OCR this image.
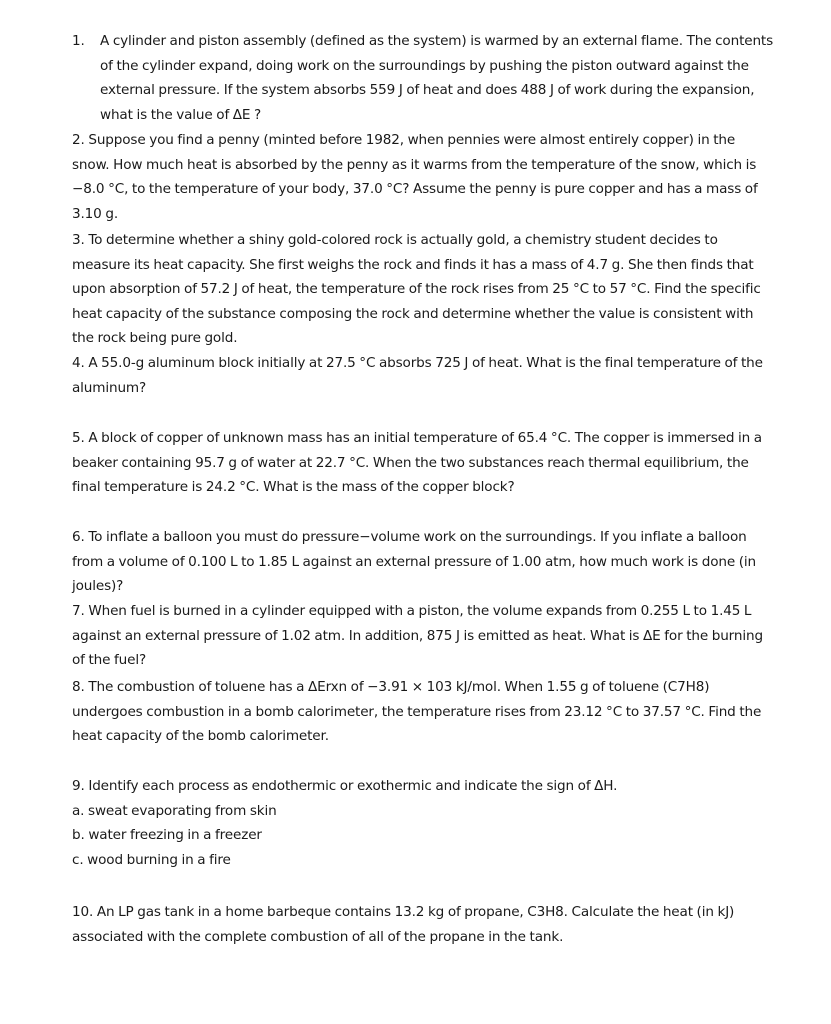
1.	A cylinder and piston assembly (defined as the system) is warmed by an external flame. The contents of the cylinder expand, doing work on the surroundings by pushing the piston outward against the external pressure. If the system absorbs 559 J of heat and does 488 J of work during the expansion, what is the value of ΔE ?

2. Suppose you find a penny (minted before 1982, when pennies were almost entirely copper) in the snow. How much heat is absorbed by the penny as it warms from the temperature of the snow, which is −8.0 °C, to the temperature of your body, 37.0 °C? Assume the penny is pure copper and has a mass of 3.10 g.

3. To determine whether a shiny gold-colored rock is actually gold, a chemistry student decides to measure its heat capacity. She first weighs the rock and finds it has a mass of 4.7 g. She then finds that upon absorption of 57.2 J of heat, the temperature of the rock rises from 25 °C to 57 °C. Find the specific heat capacity of the substance composing the rock and determine whether the value is consistent with the rock being pure gold.

4. A 55.0-g aluminum block initially at 27.5 °C absorbs 725 J of heat. What is the final temperature of the aluminum?

5. A block of copper of unknown mass has an initial temperature of 65.4 °C. The copper is immersed in a beaker containing 95.7 g of water at 22.7 °C. When the two substances reach thermal equilibrium, the final temperature is 24.2 °C. What is the mass of the copper block?

6. To inflate a balloon you must do pressure−volume work on the surroundings. If you inflate a balloon from a volume of 0.100 L to 1.85 L against an external pressure of 1.00 atm, how much work is done (in joules)?

7. When fuel is burned in a cylinder equipped with a piston, the volume expands from 0.255 L to 1.45 L against an external pressure of 1.02 atm. In addition, 875 J is emitted as heat. What is ΔE for the burning of the fuel?

8. The combustion of toluene has a ΔErxn of −3.91 × 103 kJ/mol. When 1.55 g of toluene (C7H8) undergoes combustion in a bomb calorimeter, the temperature rises from 23.12 °C to 37.57 °C. Find the heat capacity of the bomb calorimeter.

9. Identify each process as endothermic or exothermic and indicate the sign of ΔH.
a. sweat evaporating from skin
b. water freezing in a freezer
c. wood burning in a fire

10. An LP gas tank in a home barbeque contains 13.2 kg of propane, C3H8. Calculate the heat (in kJ) associated with the complete combustion of all of the propane in the tank.
